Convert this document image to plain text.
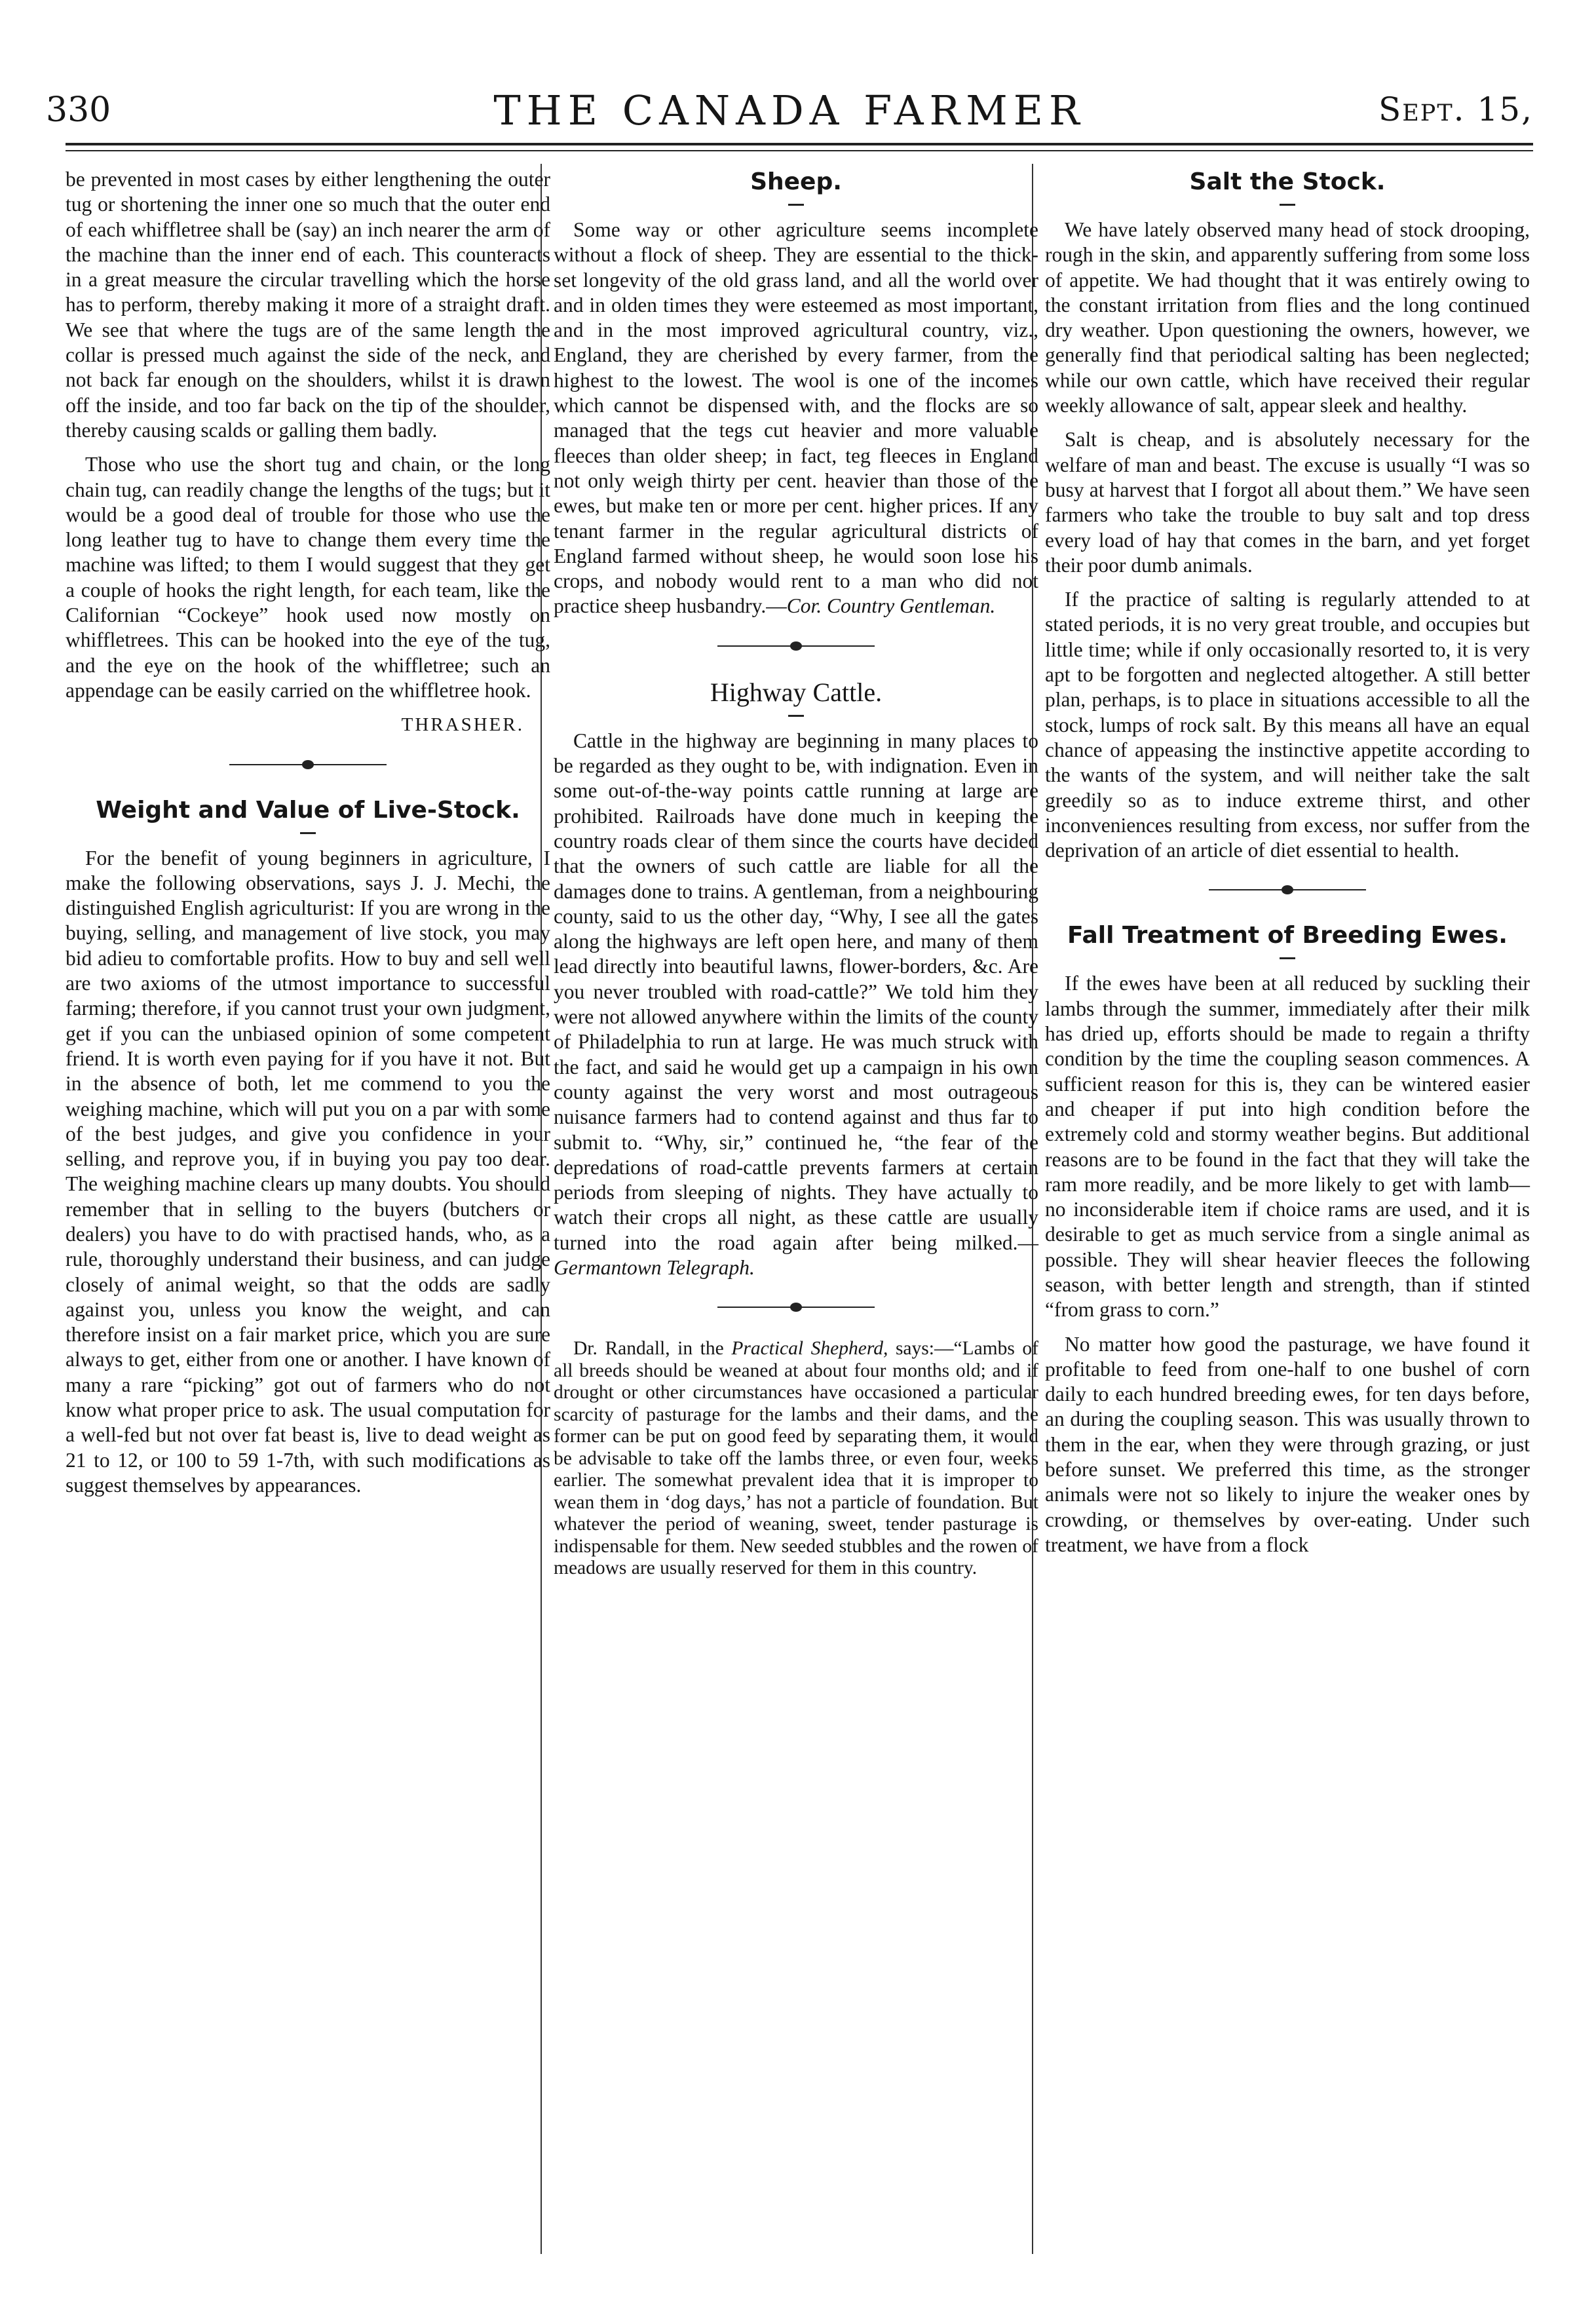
330	THE CANADA FARMER	Sept. 15,

be prevented in most cases by either lengthening the outer tug or shortening the inner one so much that the outer end of each whiffletree shall be (say) an inch nearer the arm of the machine than the inner end of each. This counteracts in a great measure the circular travelling which the horse has to perform, thereby making it more of a straight draft. We see that where the tugs are of the same length the collar is pressed much against the side of the neck, and not back far enough on the shoulders, whilst it is drawn off the inside, and too far back on the tip of the shoulder, thereby causing scalds or galling them badly.

Those who use the short tug and chain, or the long chain tug, can readily change the lengths of the tugs; but it would be a good deal of trouble for those who use the long leather tug to have to change them every time the machine was lifted; to them I would suggest that they get a couple of hooks the right length, for each team, like the Californian “Cockeye” hook used now mostly on whiffletrees. This can be hooked into the eye of the tug, and the eye on the hook of the whiffletree; such an appendage can be easily carried on the whiffletree hook.

THRASHER.
Weight and Value of Live-Stock.

For the benefit of young beginners in agriculture, I make the following observations, says J. J. Mechi, the distinguished English agriculturist: If you are wrong in the buying, selling, and management of live stock, you may bid adieu to comfortable profits. How to buy and sell well are two axioms of the utmost importance to successful farming; therefore, if you cannot trust your own judgment, get if you can the unbiased opinion of some competent friend. It is worth even paying for if you have it not. But in the absence of both, let me commend to you the weighing machine, which will put you on a par with some of the best judges, and give you confidence in your selling, and reprove you, if in buying you pay too dear. The weighing machine clears up many doubts. You should remember that in selling to the buyers (butchers or dealers) you have to do with practised hands, who, as a rule, thoroughly understand their business, and can judge closely of animal weight, so that the odds are sadly against you, unless you know the weight, and can therefore insist on a fair market price, which you are sure always to get, either from one or another. I have known of many a rare “picking” got out of farmers who do not know what proper price to ask. The usual computation for a well-fed but not over fat beast is, live to dead weight as 21 to 12, or 100 to 59 1-7th, with such modifications as suggest themselves by appearances.

Sheep.

Some way or other agriculture seems incomplete without a flock of sheep. They are essential to the thick-set longevity of the old grass land, and all the world over and in olden times they were esteemed as most important, and in the most improved agricultural country, viz., England, they are cherished by every farmer, from the highest to the lowest. The wool is one of the incomes which cannot be dispensed with, and the flocks are so managed that the tegs cut heavier and more valuable fleeces than older sheep; in fact, teg fleeces in England not only weigh thirty per cent. heavier than those of the ewes, but make ten or more per cent. higher prices. If any tenant farmer in the regular agricultural districts of England farmed without sheep, he would soon lose his crops, and nobody would rent to a man who did not practice sheep husbandry.—Cor. Country Gentleman.

Highway Cattle.

Cattle in the highway are beginning in many places to be regarded as they ought to be, with indignation. Even in some out-of-the-way points cattle running at large are prohibited. Railroads have done much in keeping the country roads clear of them since the courts have decided that the owners of such cattle are liable for all the damages done to trains. A gentleman, from a neighbouring county, said to us the other day, “Why, I see all the gates along the highways are left open here, and many of them lead directly into beautiful lawns, flower-borders, &c. Are you never troubled with road-cattle?” We told him they were not allowed anywhere within the limits of the county of Philadelphia to run at large. He was much struck with the fact, and said he would get up a campaign in his own county against the very worst and most outrageous nuisance farmers had to contend against and thus far to submit to. “Why, sir,” continued he, “the fear of the depredations of road-cattle prevents farmers at certain periods from sleeping of nights. They have actually to watch their crops all night, as these cattle are usually turned into the road again after being milked.—Germantown Telegraph.

Dr. Randall, in the Practical Shepherd, says:—“Lambs of all breeds should be weaned at about four months old; and if drought or other circumstances have occasioned a particular scarcity of pasturage for the lambs and their dams, and the former can be put on good feed by separating them, it would be advisable to take off the lambs three, or even four, weeks earlier. The somewhat prevalent idea that it is improper to wean them in ‘dog days,’ has not a particle of foundation. But whatever the period of weaning, sweet, tender pasturage is indispensable for them. New seeded stubbles and the rowen of meadows are usually reserved for them in this country.

Salt the Stock.

We have lately observed many head of stock drooping, rough in the skin, and apparently suffering from some loss of appetite. We had thought that it was entirely owing to the constant irritation from flies and the long continued dry weather. Upon questioning the owners, however, we generally find that periodical salting has been neglected; while our own cattle, which have received their regular weekly allowance of salt, appear sleek and healthy.

Salt is cheap, and is absolutely necessary for the welfare of man and beast. The excuse is usually “I was so busy at harvest that I forgot all about them.” We have seen farmers who take the trouble to buy salt and top dress every load of hay that comes in the barn, and yet forget their poor dumb animals.

If the practice of salting is regularly attended to at stated periods, it is no very great trouble, and occupies but little time; while if only occasionally resorted to, it is very apt to be forgotten and neglected altogether. A still better plan, perhaps, is to place in situations accessible to all the stock, lumps of rock salt. By this means all have an equal chance of appeasing the instinctive appetite according to the wants of the system, and will neither take the salt greedily so as to induce extreme thirst, and other inconveniences resulting from excess, nor suffer from the deprivation of an article of diet essential to health.

Fall Treatment of Breeding Ewes.

If the ewes have been at all reduced by suckling their lambs through the summer, immediately after their milk has dried up, efforts should be made to regain a thrifty condition by the time the coupling season commences. A sufficient reason for this is, they can be wintered easier and cheaper if put into high condition before the extremely cold and stormy weather begins. But additional reasons are to be found in the fact that they will take the ram more readily, and be more likely to get with lamb—no inconsiderable item if choice rams are used, and it is desirable to get as much service from a single animal as possible. They will shear heavier fleeces the following season, with better length and strength, than if stinted “from grass to corn.”

No matter how good the pasturage, we have found it profitable to feed from one-half to one bushel of corn daily to each hundred breeding ewes, for ten days before, an during the coupling season. This was usually thrown to them in the ear, when they were through grazing, or just before sunset. We preferred this time, as the stronger animals were not so likely to injure the weaker ones by crowding, or themselves by over-eating. Under such treatment, we have from a flock
